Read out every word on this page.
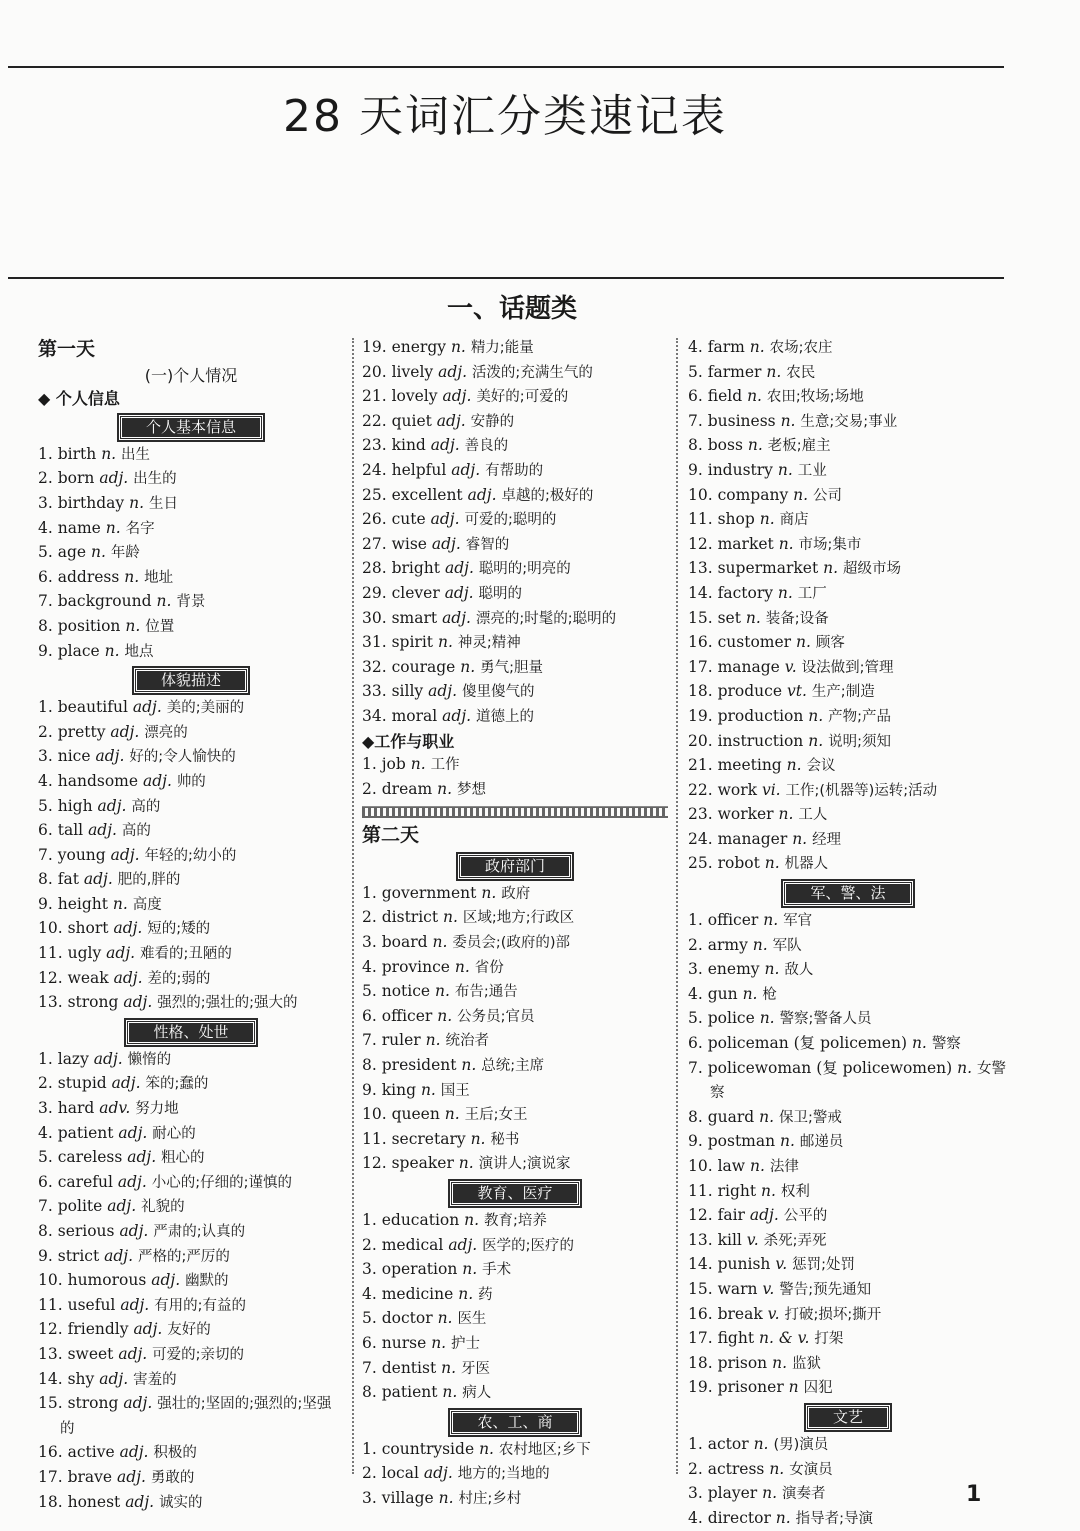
28 天词汇分类速记表
一、话题类
第一天
(一)个人情况
◆ 个人信息
个人基本信息
1. birth n. 出生
2. born adj. 出生的
3. birthday n. 生日
4. name n. 名字
5. age n. 年龄
6. address n. 地址
7. background n. 背景
8. position n. 位置
9. place n. 地点
体貌描述
1. beautiful adj. 美的;美丽的
2. pretty adj. 漂亮的
3. nice adj. 好的;令人愉快的
4. handsome adj. 帅的
5. high adj. 高的
6. tall adj. 高的
7. young adj. 年轻的;幼小的
8. fat adj. 肥的,胖的
9. height n. 高度
10. short adj. 短的;矮的
11. ugly adj. 难看的;丑陋的
12. weak adj. 差的;弱的
13. strong adj. 强烈的;强壮的;强大的
性格、处世
1. lazy adj. 懒惰的
2. stupid adj. 笨的;蠢的
3. hard adv. 努力地
4. patient adj. 耐心的
5. careless adj. 粗心的
6. careful adj. 小心的;仔细的;谨慎的
7. polite adj. 礼貌的
8. serious adj. 严肃的;认真的
9. strict adj. 严格的;严厉的
10. humorous adj. 幽默的
11. useful adj. 有用的;有益的
12. friendly adj. 友好的
13. sweet adj. 可爱的;亲切的
14. shy adj. 害羞的
15. strong adj. 强壮的;坚固的;强烈的;坚强的
16. active adj. 积极的
17. brave adj. 勇敢的
18. honest adj. 诚实的
19. energy n. 精力;能量
20. lively adj. 活泼的;充满生气的
21. lovely adj. 美好的;可爱的
22. quiet adj. 安静的
23. kind adj. 善良的
24. helpful adj. 有帮助的
25. excellent adj. 卓越的;极好的
26. cute adj. 可爱的;聪明的
27. wise adj. 睿智的
28. bright adj. 聪明的;明亮的
29. clever adj. 聪明的
30. smart adj. 漂亮的;时髦的;聪明的
31. spirit n. 神灵;精神
32. courage n. 勇气;胆量
33. silly adj. 傻里傻气的
34. moral adj. 道德上的
◆工作与职业
1. job n. 工作
2. dream n. 梦想
第二天
政府部门
1. government n. 政府
2. district n. 区域;地方;行政区
3. board n. 委员会;(政府的)部
4. province n. 省份
5. notice n. 布告;通告
6. officer n. 公务员;官员
7. ruler n. 统治者
8. president n. 总统;主席
9. king n. 国王
10. queen n. 王后;女王
11. secretary n. 秘书
12. speaker n. 演讲人;演说家
教育、医疗
1. education n. 教育;培养
2. medical adj. 医学的;医疗的
3. operation n. 手术
4. medicine n. 药
5. doctor n. 医生
6. nurse n. 护士
7. dentist n. 牙医
8. patient n. 病人
农、工、商
1. countryside n. 农村地区;乡下
2. local adj. 地方的;当地的
3. village n. 村庄;乡村
4. farm n. 农场;农庄
5. farmer n. 农民
6. field n. 农田;牧场;场地
7. business n. 生意;交易;事业
8. boss n. 老板;雇主
9. industry n. 工业
10. company n. 公司
11. shop n. 商店
12. market n. 市场;集市
13. supermarket n. 超级市场
14. factory n. 工厂
15. set n. 装备;设备
16. customer n. 顾客
17. manage v. 设法做到;管理
18. produce vt. 生产;制造
19. production n. 产物;产品
20. instruction n. 说明;须知
21. meeting n. 会议
22. work vi. 工作;(机器等)运转;活动
23. worker n. 工人
24. manager n. 经理
25. robot n. 机器人
军、警、法
1. officer n. 军官
2. army n. 军队
3. enemy n. 敌人
4. gun n. 枪
5. police n. 警察;警备人员
6. policeman (复 policemen) n. 警察
7. policewoman (复 policewomen) n. 女警察
8. guard n. 保卫;警戒
9. postman n. 邮递员
10. law n. 法律
11. right n. 权利
12. fair adj. 公平的
13. kill v. 杀死;弄死
14. punish v. 惩罚;处罚
15. warn v. 警告;预先通知
16. break v. 打破;损坏;撕开
17. fight n. & v. 打架
18. prison n. 监狱
19. prisoner n 囚犯
文艺
1. actor n. (男)演员
2. actress n. 女演员
3. player n. 演奏者
4. director n. 指导者;导演
1
